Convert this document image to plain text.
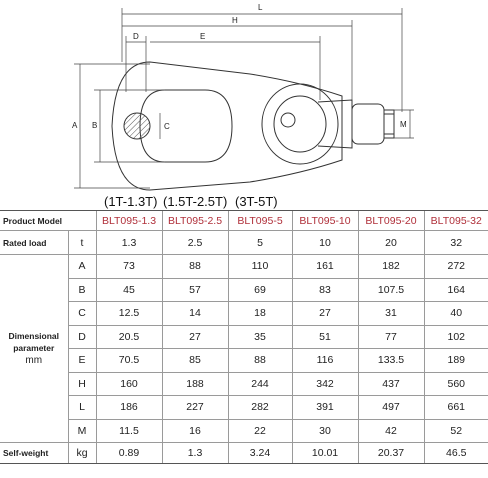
L
H
D	E
A B	C	M
(1T-1.3T) (1.5T-2.5T) (3T-5T)
Product Model		BLT095-1.3	BLT095-2.5	BLT095-5	BLT095-10	BLT095-20	BLT095-32
Rated load	t	1.3	2.5	5	10	20	32

Dimensional parameter
mm	A	73	88	110	161	182	272
	B	45	57	69	83	107.5	164
	C	12.5	14	18	27	31	40
	D	20.5	27	35	51	77	102
	E	70.5	85	88	116	133.5	189
	H	160	188	244	342	437	560
	L	186	227	282	391	497	661
	M	11.5	16	22	30	42	52
Self-weight	kg	0.89	1.3	3.24	10.01	20.37	46.5
